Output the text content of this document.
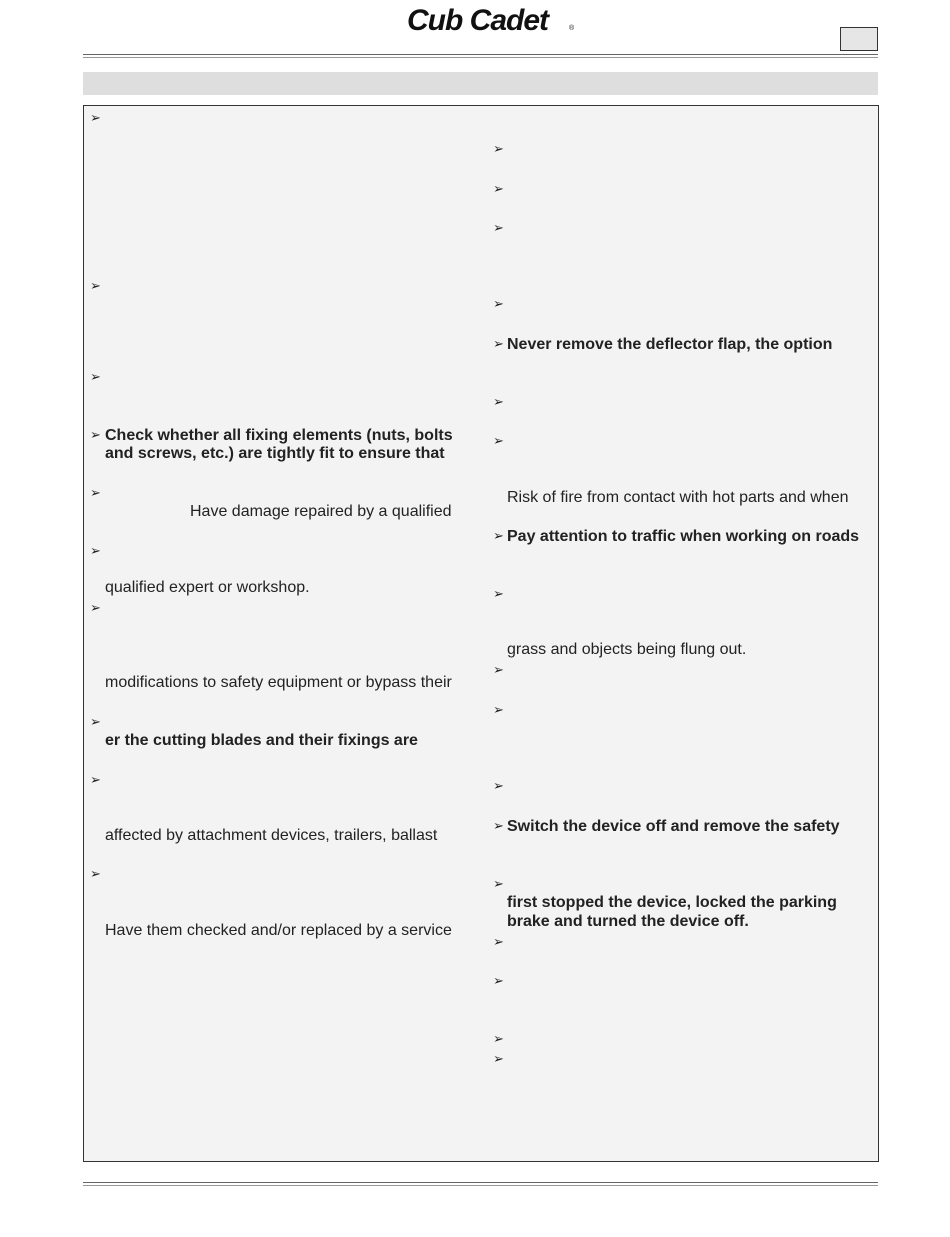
Cub Cadet	®
➢
➢
➢
➢
➢
➢
➢
➢
➢
➢
Check whether all fixing elements (nuts, bolts
and screws, etc.) are tightly fit to ensure that
Have damage repaired by a qualified
qualified expert or workshop.
modifications to safety equipment or bypass their
er the cutting blades and their fixings are
affected by attachment devices, trailers, ballast
Have them checked and/or replaced by a service
➢
➢
➢
➢
➢
➢
➢
➢
➢
➢
➢
➢
➢
➢
➢
➢
➢
➢
Never remove the deflector flap, the option
Risk of fire from contact with hot parts and when
Pay attention to traffic when working on roads
grass and objects being flung out.
Switch the device off and remove the safety
first stopped the device, locked the parking
brake and turned the device off.
